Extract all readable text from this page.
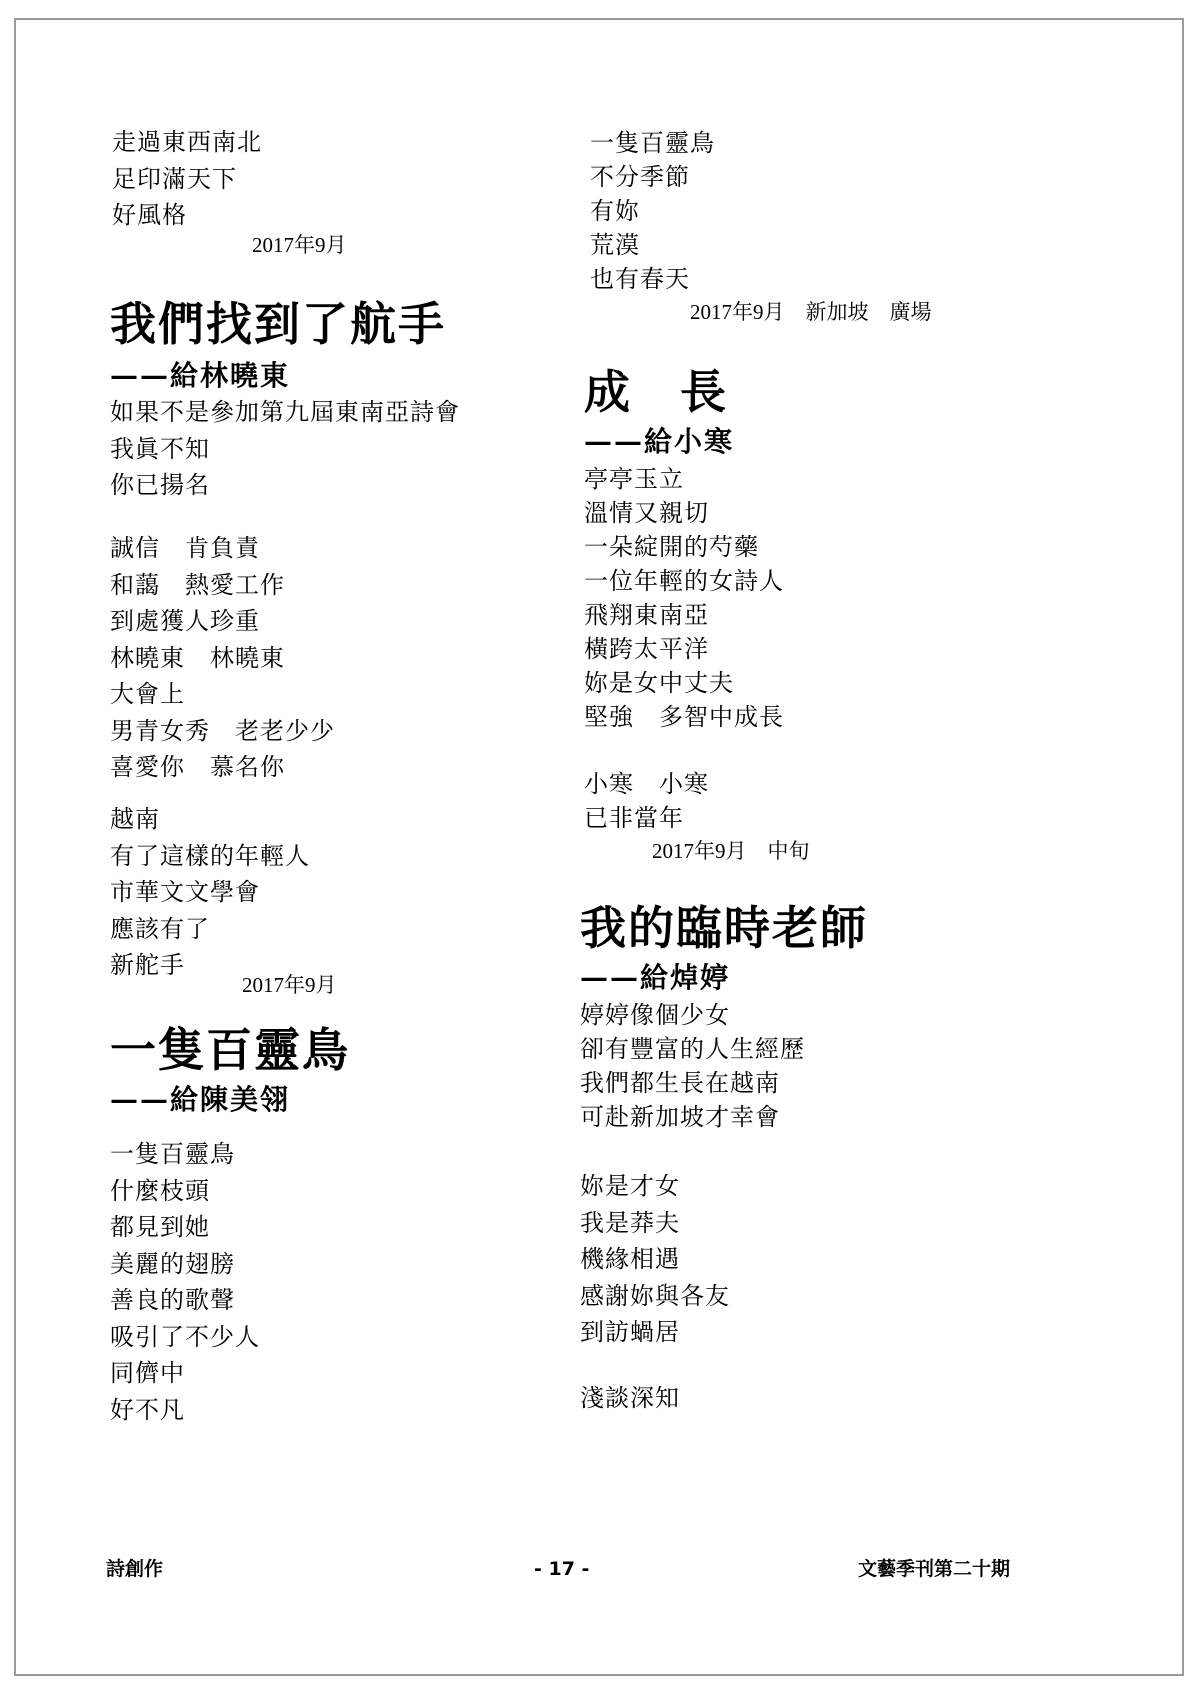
走過東西南北
足印滿天下
好風格
2017年9月
我們找到了航手
——給林曉東
如果不是參加第九屆東南亞詩會
我眞不知
你已揚名
誠信　肯負責
和藹　熱愛工作
到處獲人珍重
林曉東　林曉東
大會上
男青女秀　老老少少
喜愛你　慕名你
越南
有了這樣的年輕人
市華文文學會
應該有了
新舵手
2017年9月
一隻百靈鳥
——給陳美翎
一隻百靈鳥
什麼枝頭
都見到她
美麗的翅膀
善良的歌聲
吸引了不少人
同儕中
好不凡
一隻百靈鳥
不分季節
有妳
荒漠
也有春天
2017年9月　新加坡　廣場
成　長
——給小寒
亭亭玉立
溫情又親切
一朵綻開的芍藥
一位年輕的女詩人
飛翔東南亞
橫跨太平洋
妳是女中丈夫
堅強　多智中成長
小寒　小寒
已非當年
2017年9月　中旬
我的臨時老師
——給焯婷
婷婷像個少女
卻有豐富的人生經歷
我們都生長在越南
可赴新加坡才幸會
妳是才女
我是莽夫
機緣相遇
感謝妳與各友
到訪蝸居
淺談深知
詩創作	- 17 -	文藝季刊第二十期
